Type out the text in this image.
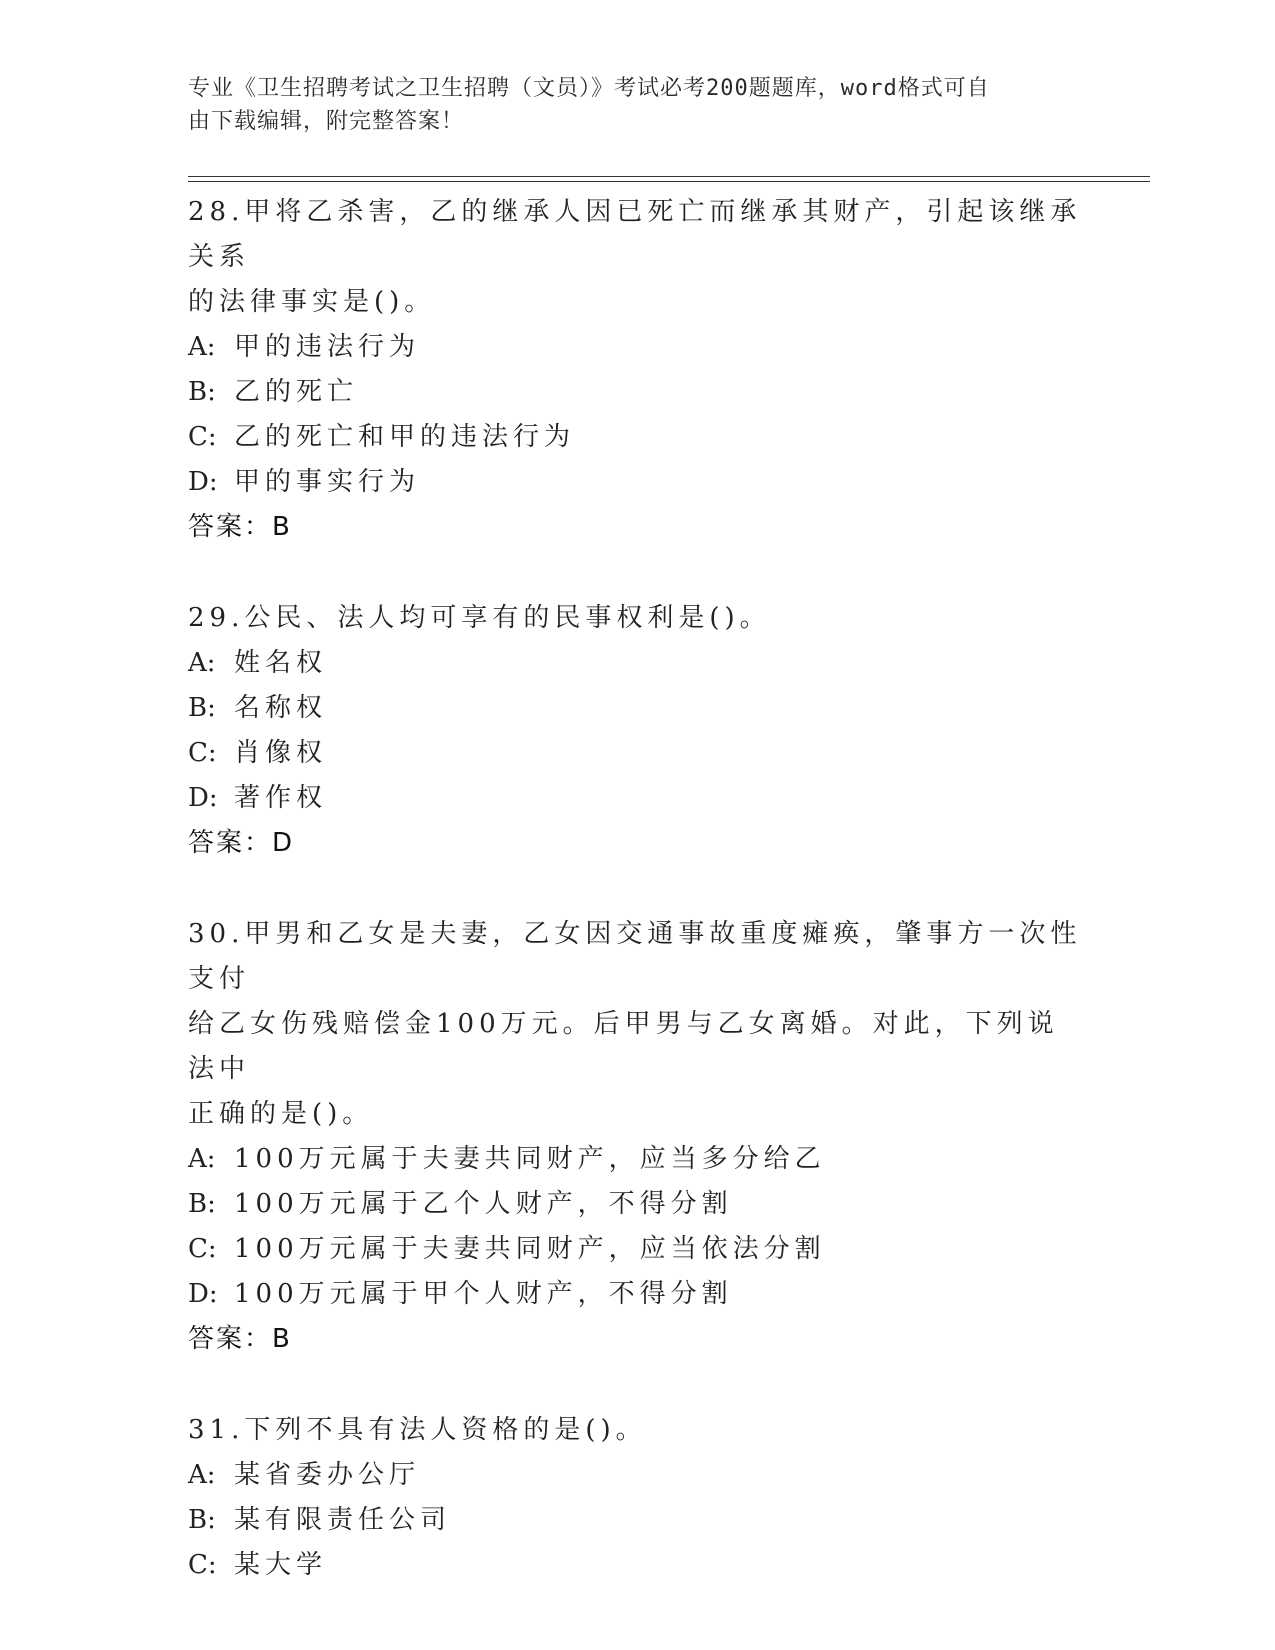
专业《卫生招聘考试之卫生招聘（文员）》考试必考200题题库，word格式可自
由下载编辑，附完整答案！
28.甲将乙杀害，乙的继承人因已死亡而继承其财产，引起该继承关系
的法律事实是()。
A: 甲的违法行为
B: 乙的死亡
C: 乙的死亡和甲的违法行为
D: 甲的事实行为
答案：B
29.公民、法人均可享有的民事权利是()。
A: 姓名权
B: 名称权
C: 肖像权
D: 著作权
答案：D
30.甲男和乙女是夫妻，乙女因交通事故重度瘫痪，肇事方一次性支付
给乙女伤残赔偿金100万元。后甲男与乙女离婚。对此，下列说法中
正确的是()。
A: 100万元属于夫妻共同财产，应当多分给乙
B: 100万元属于乙个人财产，不得分割
C: 100万元属于夫妻共同财产，应当依法分割
D: 100万元属于甲个人财产，不得分割
答案：B
31.下列不具有法人资格的是()。
A: 某省委办公厅
B: 某有限责任公司
C: 某大学
